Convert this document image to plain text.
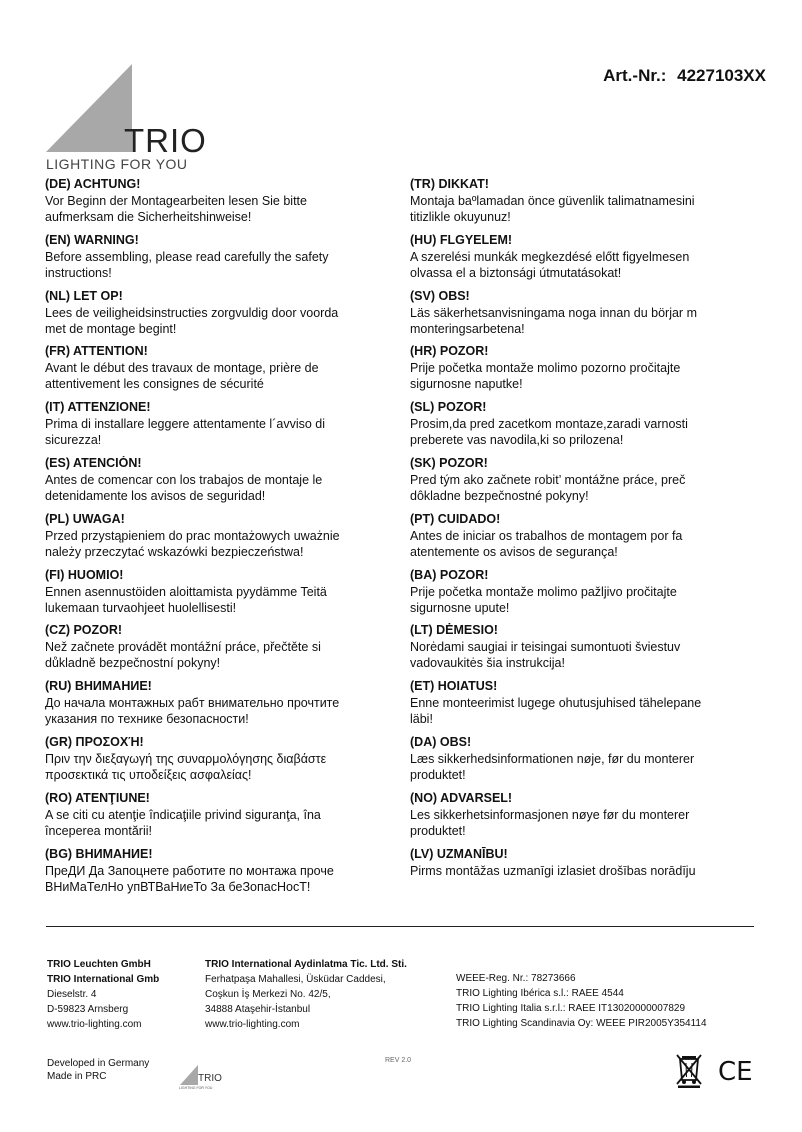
Art.-Nr.: 4227103XX
TRIO
LIGHTING FOR YOU
(DE) ACHTUNG!
Vor Beginn der Montagearbeiten lesen Sie bitte
aufmerksam die Sicherheitshinweise!
(EN) WARNING!
Before assembling, please read carefully the safety
instructions!
(NL) LET OP!
Lees de veiligheidsinstructies zorgvuldig door voorda
met de montage begint!
(FR) ATTENTION!
Avant le début des travaux de montage, prière de
attentivement les consignes de sécurité
(IT) ATTENZIONE!
Prima di installare leggere attentamente l´avviso di
sicurezza!
(ES) ATENCIÓN!
Antes de comencar con los trabajos de montaje le
detenidamente los avisos de seguridad!
(PL) UWAGA!
Przed przystąpieniem do prac montażowych uważnie
należy przeczytać wskazówki bezpieczeństwa!
(FI) HUOMIO!
Ennen asennustöiden aloittamista pyydämme Teitä
lukemaan turvaohjeet huolellisesti!
(CZ) POZOR!
Než začnete provádět montážní práce, přečtěte si
důkladně bezpečnostní pokyny!
(RU) ВНИМАНИЕ!
До начала монтажных рабт внимательно прочтите
указания по технике безопасности!
(GR) ΠΡΟΣΟΧΉ!
Πριν την διεξαγωγή της συναρμολόγησης διαβάστε
προσεκτικά τις υποδείξεις ασφαλείας!
(RO) ATENŢIUNE!
A se citi cu atenţie îndicaţiile privind siguranţa, îna
începerea montării!
(BG) ВНИМАНИЕ!
ПреДИ Да Запоцнете работите по монтажа проче
ВНиМаТелНо упВТВаНиеТо За беЗопасНосТ!
(TR) DIKKAT!
Montaja baºlamadan önce güvenlik talimatnamesini
titizlikle okuyunuz!
(HU) FLGYELEM!
A szerelési munkák megkezdésé előtt figyelmesen
olvassa el a biztonsági útmutatásokat!
(SV) OBS!
Läs säkerhetsanvisningama noga innan du börjar m
monteringsarbetena!
(HR) POZOR!
Prije početka montaže molimo pozorno pročitajte
sigurnosne naputke!
(SL) POZOR!
Prosim,da pred zacetkom montaze,zaradi varnosti
preberete vas navodila,ki so prilozena!
(SK) POZOR!
Pred tým ako začnete robit’ montážne práce, preč
dôkladne bezpečnostné pokyny!
(PT) CUIDADO!
Antes de iniciar os trabalhos de montagem por fa
atentemente os avisos de segurança!
(BA) POZOR!
Prije početka montaže molimo pažljivo pročitajte
sigurnosne upute!
(LT) DĖMESIO!
Norėdami saugiai ir teisingai sumontuoti šviestuv
vadovaukitės šia instrukcija!
(ET) HOIATUS!
Enne monteerimist lugege ohutusjuhised tähelepane
läbi!
(DA) OBS!
Læs sikkerhedsinformationen nøje, før du monterer
produktet!
(NO) ADVARSEL!
Les sikkerhetsinformasjonen nøye før du monterer
produktet!
(LV) UZMANĪBU!
Pirms montāžas uzmanīgi izlasiet drošības norādīju
TRIO Leuchten GmbH
TRIO International Gmb
Dieselstr. 4
D-59823 Arnsberg
www.trio-lighting.com
TRIO International Aydinlatma Tic. Ltd. Sti.
Ferhatpaşa Mahallesi, Üsküdar Caddesi,
Coşkun İş Merkezi No. 42/5,
34888 Ataşehir-İstanbul
www.trio-lighting.com
WEEE-Reg. Nr.: 78273666
TRIO Lighting Ibérica s.l.: RAEE 4544
TRIO Lighting Italia s.r.l.: RAEE IT13020000007829
TRIO Lighting Scandinavia Oy: WEEE PIR2005Y354114
Developed in Germany
Made in PRC
REV 2.0
TRIO
LIGHTING FOR YOU
CE
